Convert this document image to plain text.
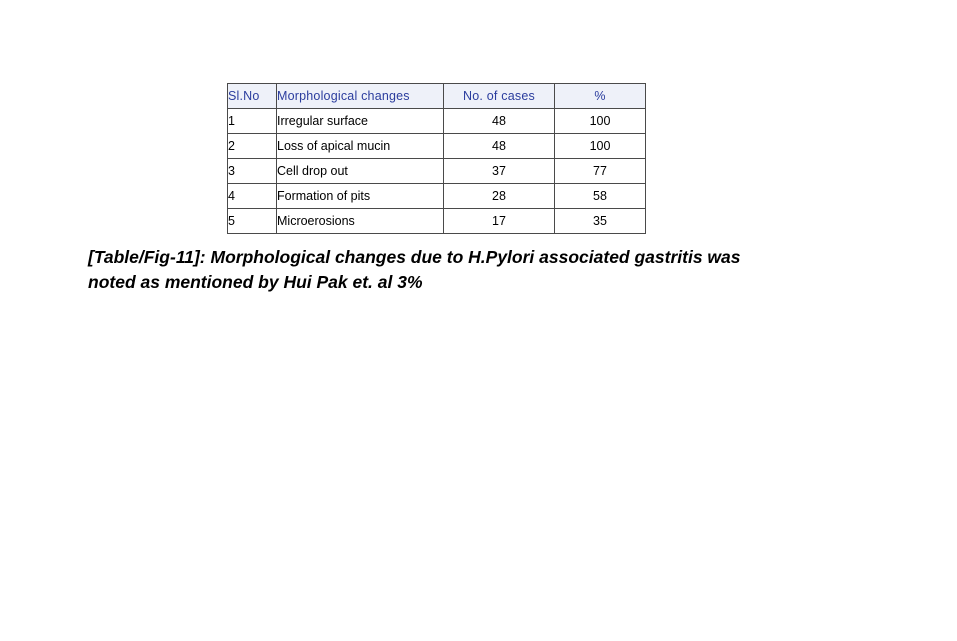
Sl.No	Morphological changes	No. of cases	%
1	Irregular surface	48	100
2	Loss of apical mucin	48	100
3	Cell drop out	37	77
4	Formation of pits	28	58
5	Microerosions	17	35
[Table/Fig-11]: Morphological changes due to H.Pylori associated gastritis was noted as mentioned by Hui Pak et. al 3%
